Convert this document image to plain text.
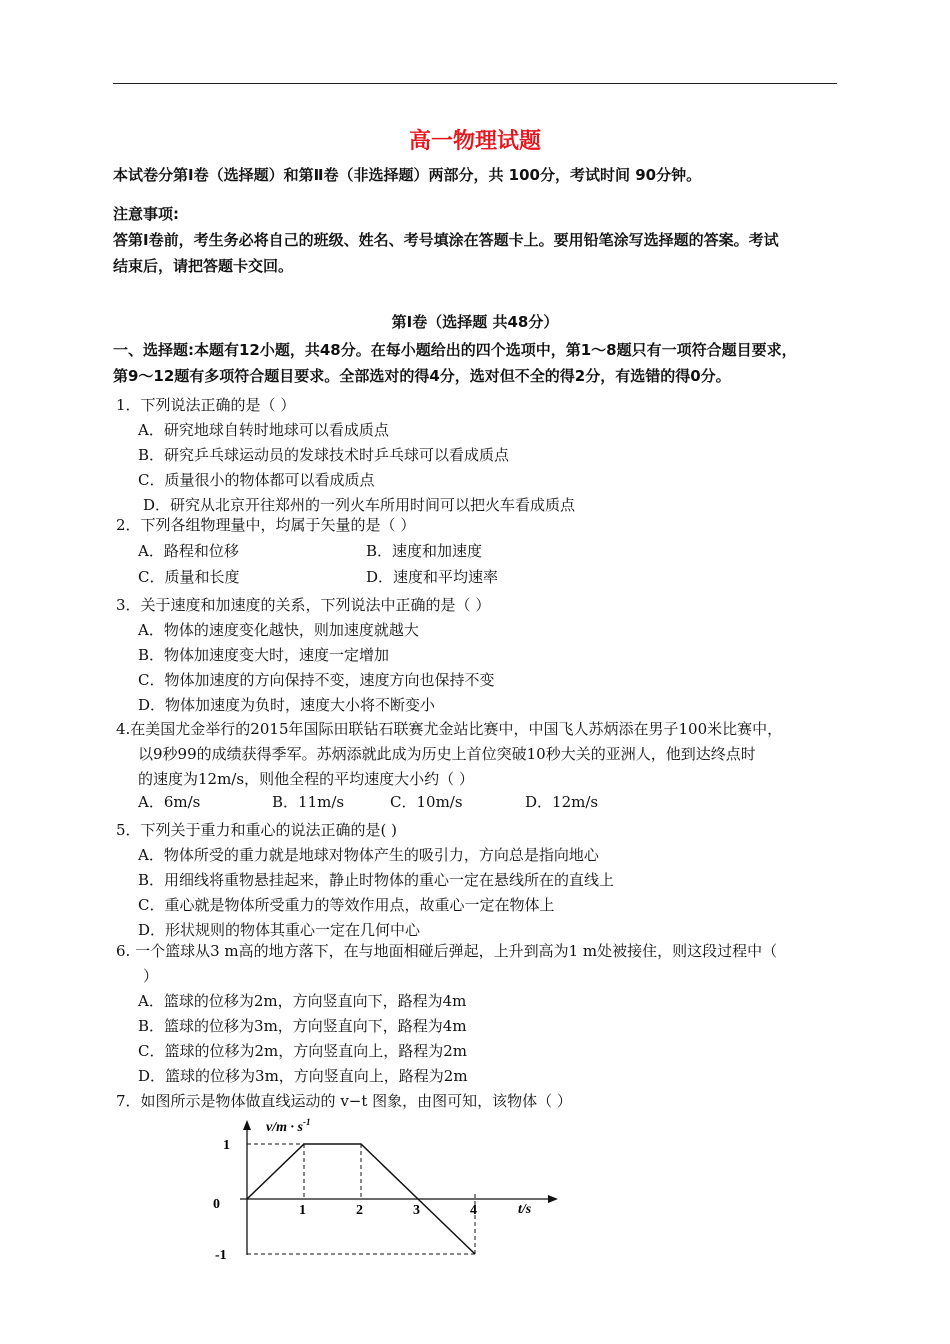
高一物理试题
本试卷分第Ⅰ卷（选择题）和第Ⅱ卷（非选择题）两部分，共 100分，考试时间 90分钟。
注意事项:
答第Ⅰ卷前，考生务必将自己的班级、姓名、考号填涂在答题卡上。要用铅笔涂写选择题的答案。考试
结束后，请把答题卡交回。
第Ⅰ卷（选择题 共48分）
一、选择题:本题有12小题，共48分。在每小题给出的四个选项中，第1～8题只有一项符合题目要求，
第9～12题有多项符合题目要求。全部选对的得4分，选对但不全的得2分，有选错的得0分。
1．下列说法正确的是（ ）
A．研究地球自转时地球可以看成质点
B．研究乒乓球运动员的发球技术时乒乓球可以看成质点
C．质量很小的物体都可以看成质点
D．研究从北京开往郑州的一列火车所用时间可以把火车看成质点
2．下列各组物理量中，均属于矢量的是（ ）
A．路程和位移	B．速度和加速度
C．质量和长度	D．速度和平均速率
3．关于速度和加速度的关系，下列说法中正确的是（ ）
A．物体的速度变化越快，则加速度就越大
B．物体加速度变大时，速度一定增加
C．物体加速度的方向保持不变，速度方向也保持不变
D．物体加速度为负时，速度大小将不断变小
4.在美国尤金举行的2015年国际田联钻石联赛尤金站比赛中，中国飞人苏炳添在男子100米比赛中，
以9秒99的成绩获得季军。苏炳添就此成为历史上首位突破10秒大关的亚洲人，他到达终点时
的速度为12m/s，则他全程的平均速度大小约（ ）
A．6m/s	B．11m/s	C．10m/s	D．12m/s
5．下列关于重力和重心的说法正确的是( )
A．物体所受的重力就是地球对物体产生的吸引力，方向总是指向地心
B．用细线将重物悬挂起来，静止时物体的重心一定在悬线所在的直线上
C．重心就是物体所受重力的等效作用点，故重心一定在物体上
D．形状规则的物体其重心一定在几何中心
6. 一个篮球从3 m高的地方落下，在与地面相碰后弹起，上升到高为1 m处被接住，则这段过程中（
）
A．篮球的位移为2m，方向竖直向下，路程为4m
B．篮球的位移为3m，方向竖直向下，路程为4m
C．篮球的位移为2m，方向竖直向上，路程为2m
D．篮球的位移为3m，方向竖直向上，路程为2m
7．如图所示是物体做直线运动的 v−t 图象，由图可知，该物体（ ）
$v/m \cdot s^{-1}$
t/s
0	1	2	3	4
1
-1
